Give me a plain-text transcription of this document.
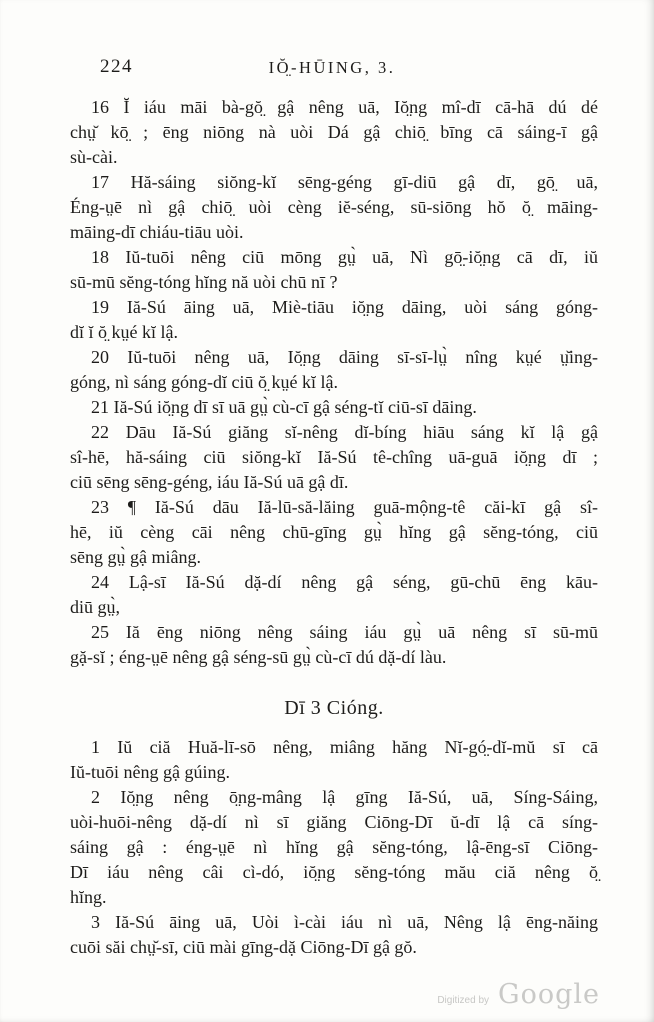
224	IŎ̤-HŪING, 3.

16 Ĭ iáu māi bà-gŏ̤ gậ nêng uā, Iŏ̤ng mî-dī cā-hā dú dé
chṳ̆ kō̤ ; ēng niōng nà uòi Dá gậ chiō̤ bīng cā sáing-ī gậ
sù-cài.

17 Hă-sáing siŏng-kĭ sēng-géng gī-diū gậ dī, gō̤ uā,
Éng-ṳē nì gậ chiō̤ uòi cèng iĕ-séng, sū-siōng hŏ ŏ̤ māing-
māing-dī chiáu-tiāu uòi.

18 Iŭ-tuōi nêng ciū mōng gṳ̀ uā, Nì gō̤-iŏ̤ng cā dī, iŭ
sū-mū sĕng-tóng hĭng nă uòi chū nī ?

19 Iă-Sú āing uā, Miè-tiāu iŏ̤ng dāing, uòi sáng góng-
dĭ ĭ ŏ̤ kṳé kĭ lậ.

20 Iŭ-tuōi nêng uā, Iŏ̤ng dāing sī-sī-lṳ̀ nîng kṳé ṳ̆ing-
góng, nì sáng góng-dĭ ciū ŏ̤ kṳé kĭ lậ.

21 Iă-Sú iŏ̤ng dī sī uā gṳ̀ cù-cī gậ séng-tĭ ciū-sī dāing.

22 Dāu Iă-Sú giăng sĭ-nêng dĭ-bíng hiāu sáng kĭ lậ gậ
sî-hē, hă-sáing ciū siŏng-kĭ Iă-Sú tê-chîng uā-guā iŏ̤ng dī ;
ciū sēng sēng-géng, iáu Iă-Sú uā gậ dī.

23 ¶ Iă-Sú dāu Iă-lū-să-lăing guā-mộng-tê căi-kī gậ sî-
hē, iŭ cèng cāi nêng chū-gīng gṳ̀ hĭng gậ sĕng-tóng, ciū
sēng gṳ̀ gậ miâng.

24 Lậ-sī Iă-Sú dặ-dí nêng gậ séng, gū-chū ēng kāu-
diū gṳ̀,

25 Iă ēng niōng nêng sáing iáu gṳ̀ uā nêng sī sū-mū
gặ-sĭ ; éng-ṳē nêng gậ séng-sū gṳ̀ cù-cī dú dặ-dí làu.

Dī 3 Cióng.

1 Iŭ ciă Huă-lī-sō nêng, miâng hăng Nĭ-gó̤-dĭ-mŭ sī cā
Iŭ-tuōi nêng gậ gúing.

2 Iŏ̤ng nêng ō̤ng-mâng lậ gīng Iă-Sú, uā, Síng-Sáing,
uòi-huōi-nêng dặ-dí nì sī giăng Ciōng-Dī ŭ-dī lậ cā síng-
sáing gậ : éng-ṳē nì hĭng gậ sĕng-tóng, lậ-ēng-sī Ciōng-
Dī iáu nêng câi cì-dó, iŏ̤ng sĕng-tóng mău ciă nêng ŏ̤
hĭng.

3 Iă-Sú āing uā, Uòi ì-cài iáu nì uā, Nêng lậ ēng-năing
cuōi săi chṳ̆-sī, ciū mài gīng-dặ Ciōng-Dī gậ gŏ.

Digitized by Google
